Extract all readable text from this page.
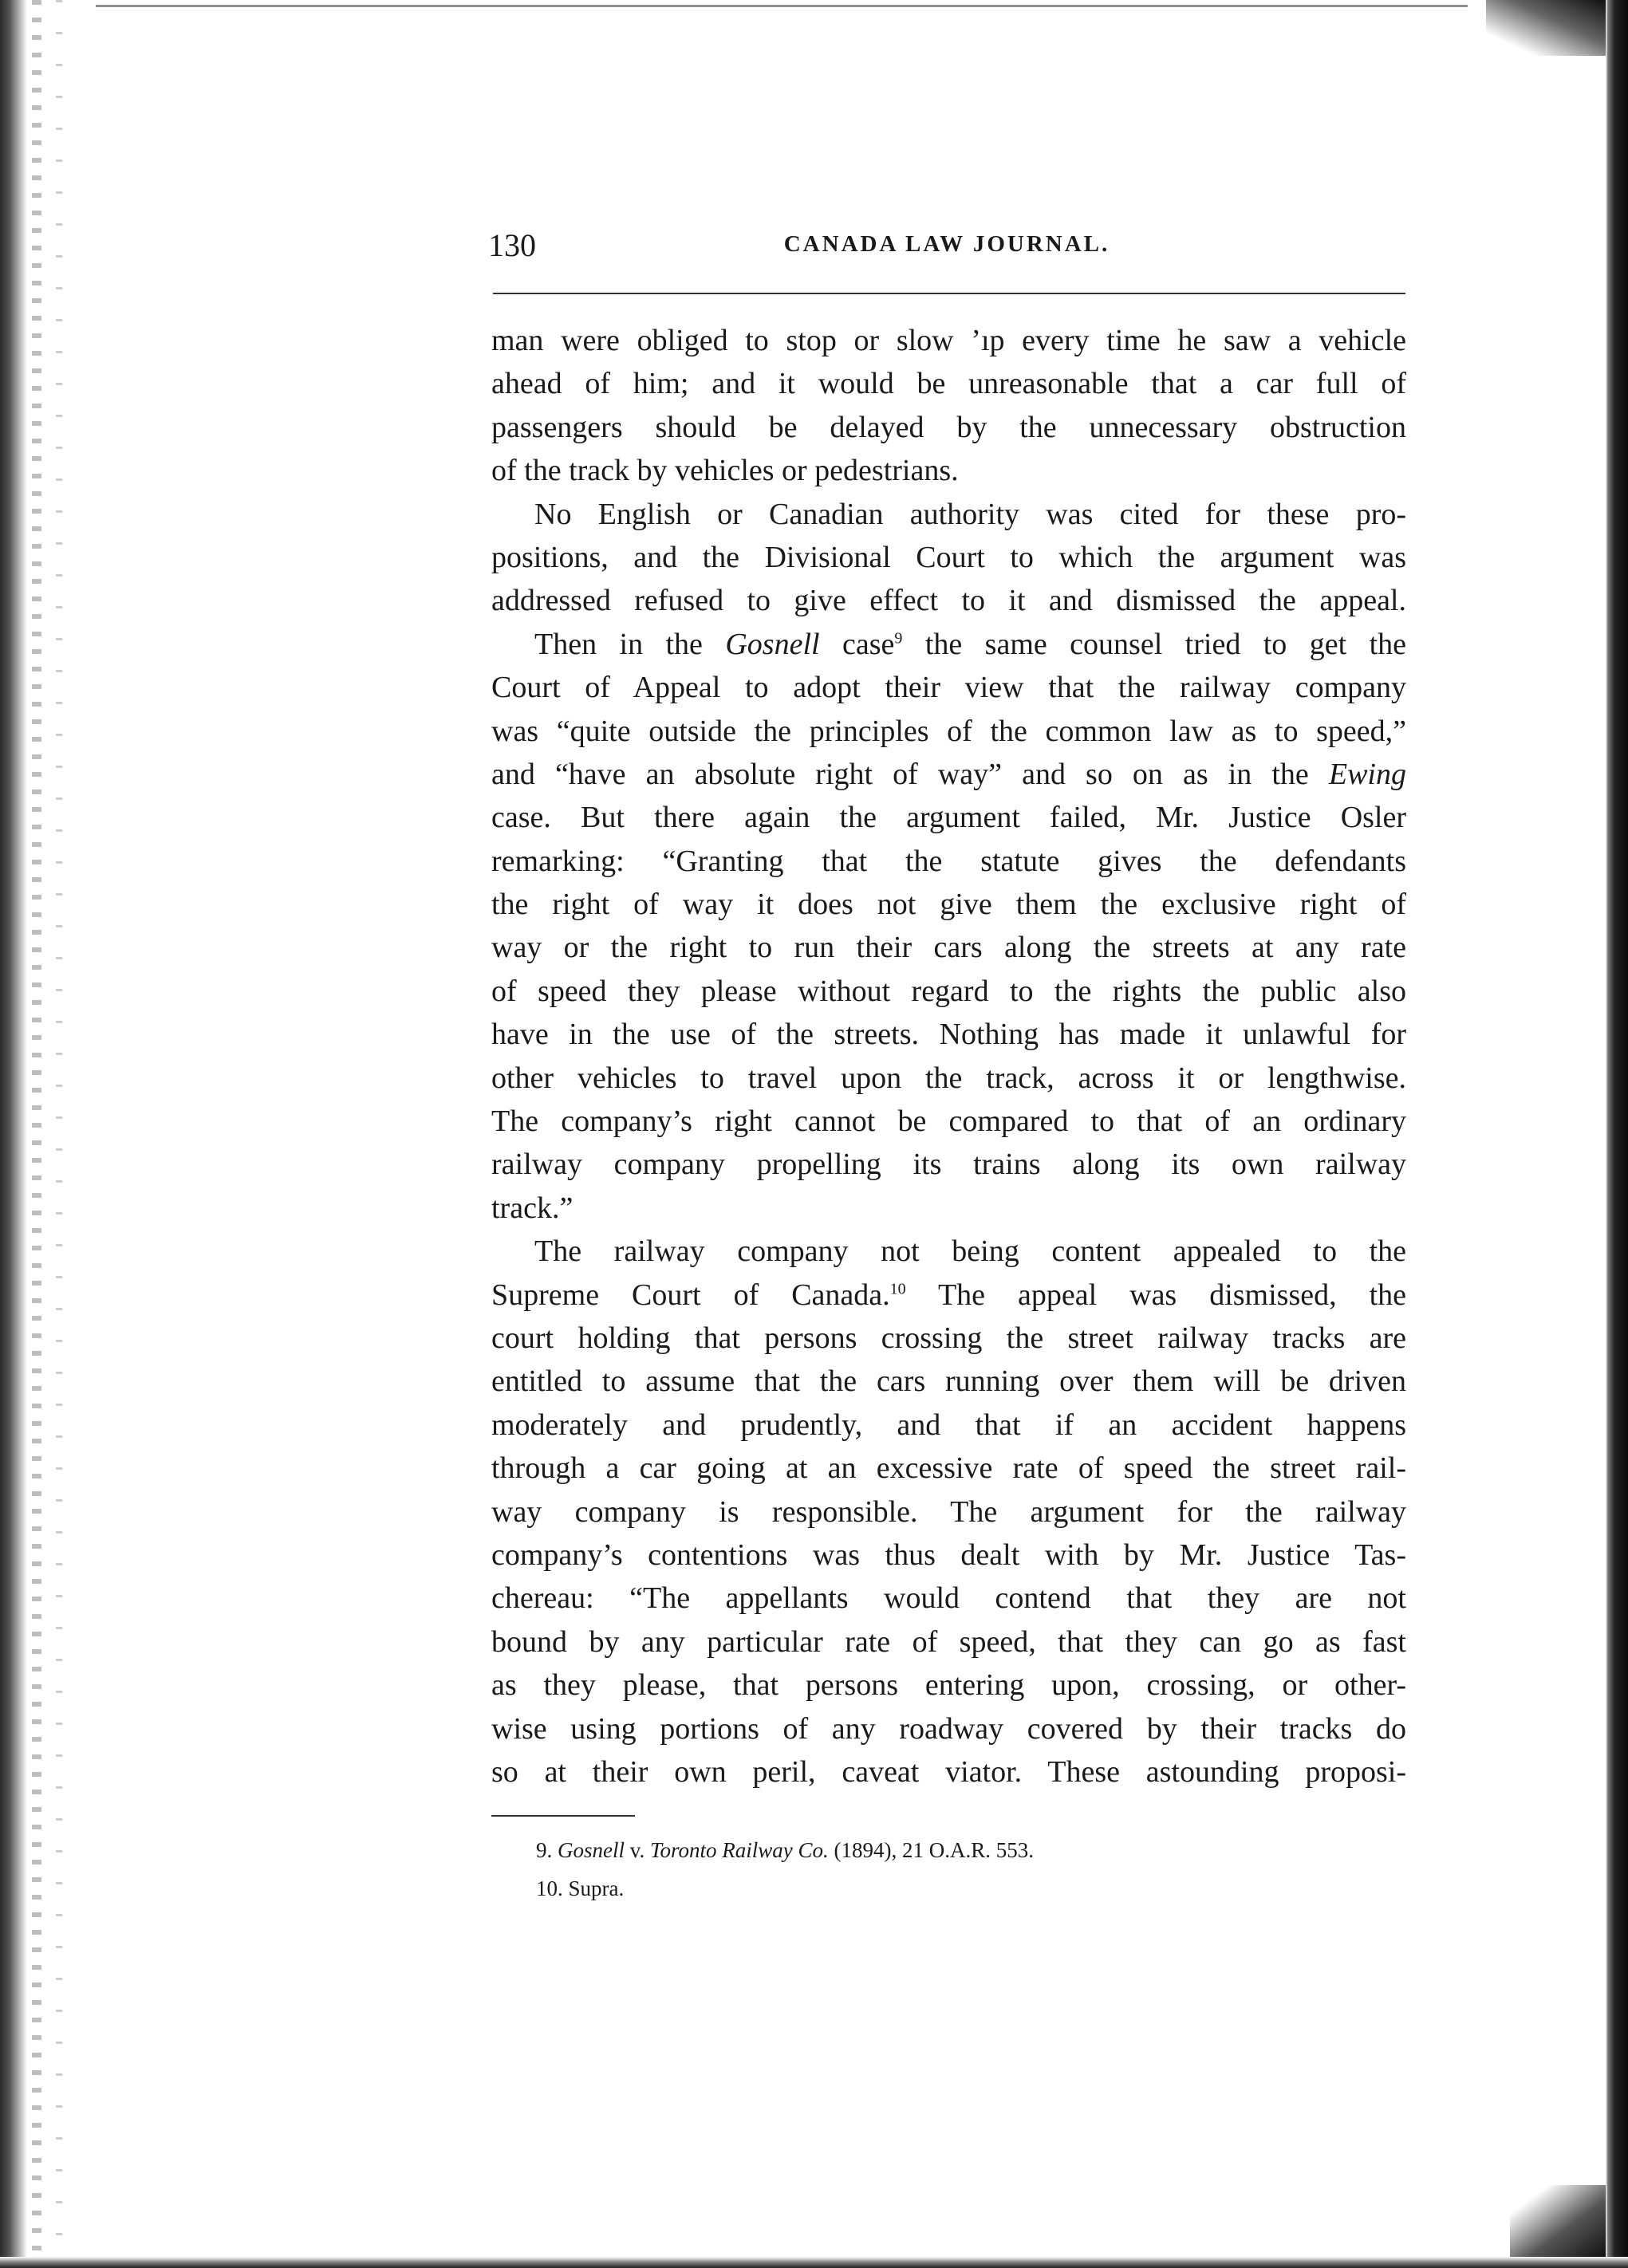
130	CANADA LAW JOURNAL.
man were obliged to stop or slow ’ıp every time he saw a vehicle
ahead of him; and it would be unreasonable that a car full of
passengers should be delayed by the unnecessary obstruction
of the track by vehicles or pedestrians.
No English or Canadian authority was cited for these pro-
positions, and the Divisional Court to which the argument was
addressed refused to give effect to it and dismissed the appeal.
Then in the Gosnell case$^9$ the same counsel tried to get the
Court of Appeal to adopt their view that the railway company
was “quite outside the principles of the common law as to speed,”
and “have an absolute right of way” and so on as in the Ewing
case. But there again the argument failed, Mr. Justice Osler
remarking: “Granting that the statute gives the defendants
the right of way it does not give them the exclusive right of
way or the right to run their cars along the streets at any rate
of speed they please without regard to the rights the public also
have in the use of the streets. Nothing has made it unlawful for
other vehicles to travel upon the track, across it or lengthwise.
The company’s right cannot be compared to that of an ordinary
railway company propelling its trains along its own railway
track.”
The railway company not being content appealed to the
Supreme Court of Canada.$^{10}$ The appeal was dismissed, the
court holding that persons crossing the street railway tracks are
entitled to assume that the cars running over them will be driven
moderately and prudently, and that if an accident happens
through a car going at an excessive rate of speed the street rail-
way company is responsible. The argument for the railway
company’s contentions was thus dealt with by Mr. Justice Tas-
chereau: “The appellants would contend that they are not
bound by any particular rate of speed, that they can go as fast
as they please, that persons entering upon, crossing, or other-
wise using portions of any roadway covered by their tracks do
so at their own peril, caveat viator. These astounding proposi-
9. Gosnell v. Toronto Railway Co. (1894), 21 O.A.R. 553.
10. Supra.
